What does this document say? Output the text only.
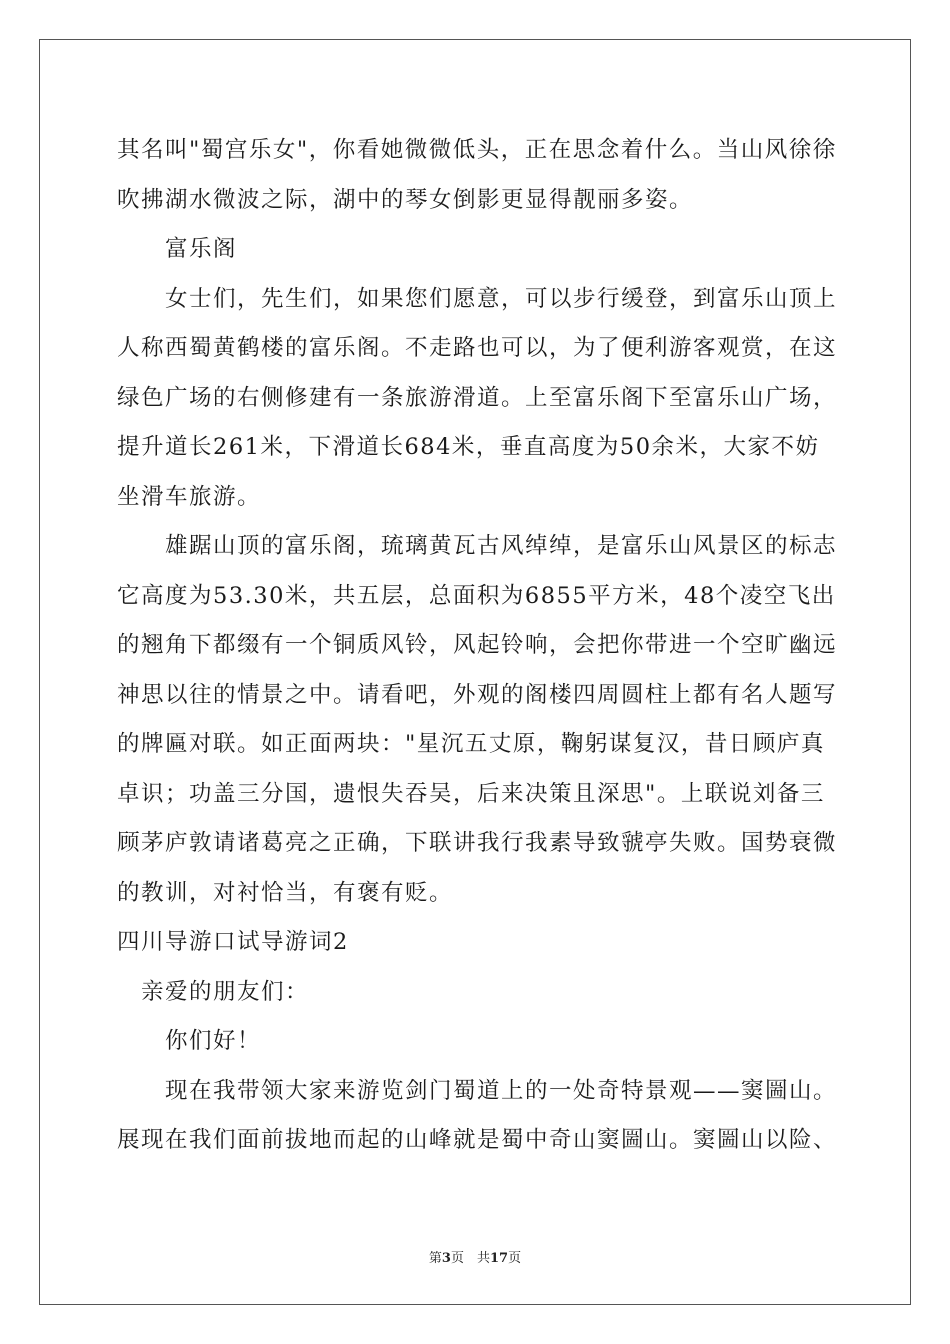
其名叫"蜀宫乐女"，你看她微微低头，正在思念着什么。当山风徐徐吹拂湖水微波之际，湖中的琴女倒影更显得靓丽多姿。

富乐阁

女士们，先生们，如果您们愿意，可以步行缓登，到富乐山顶上人称西蜀黄鹤楼的富乐阁。不走路也可以，为了便利游客观赏，在这绿色广场的右侧修建有一条旅游滑道。上至富乐阁下至富乐山广场，提升道长261米，下滑道长684米，垂直高度为50余米，大家不妨坐滑车旅游。

雄踞山顶的富乐阁，琉璃黄瓦古风绰绰，是富乐山风景区的标志它高度为53.30米，共五层，总面积为6855平方米，48个凌空飞出的翘角下都缀有一个铜质风铃，风起铃响，会把你带进一个空旷幽远神思以往的情景之中。请看吧，外观的阁楼四周圆柱上都有名人题写的牌匾对联。如正面两块："星沉五丈原，鞠躬谋复汉，昔日顾庐真卓识；功盖三分国，遗恨失吞吴，后来决策且深思"。上联说刘备三顾茅庐敦请诸葛亮之正确，下联讲我行我素导致虢亭失败。国势衰微的教训，对衬恰当，有褒有贬。

四川导游口试导游词2

亲爱的朋友们：

你们好！

现在我带领大家来游览剑门蜀道上的一处奇特景观——窦圌山。展现在我们面前拔地而起的山峰就是蜀中奇山窦圌山。窦圌山以险、

第3页　共17页
